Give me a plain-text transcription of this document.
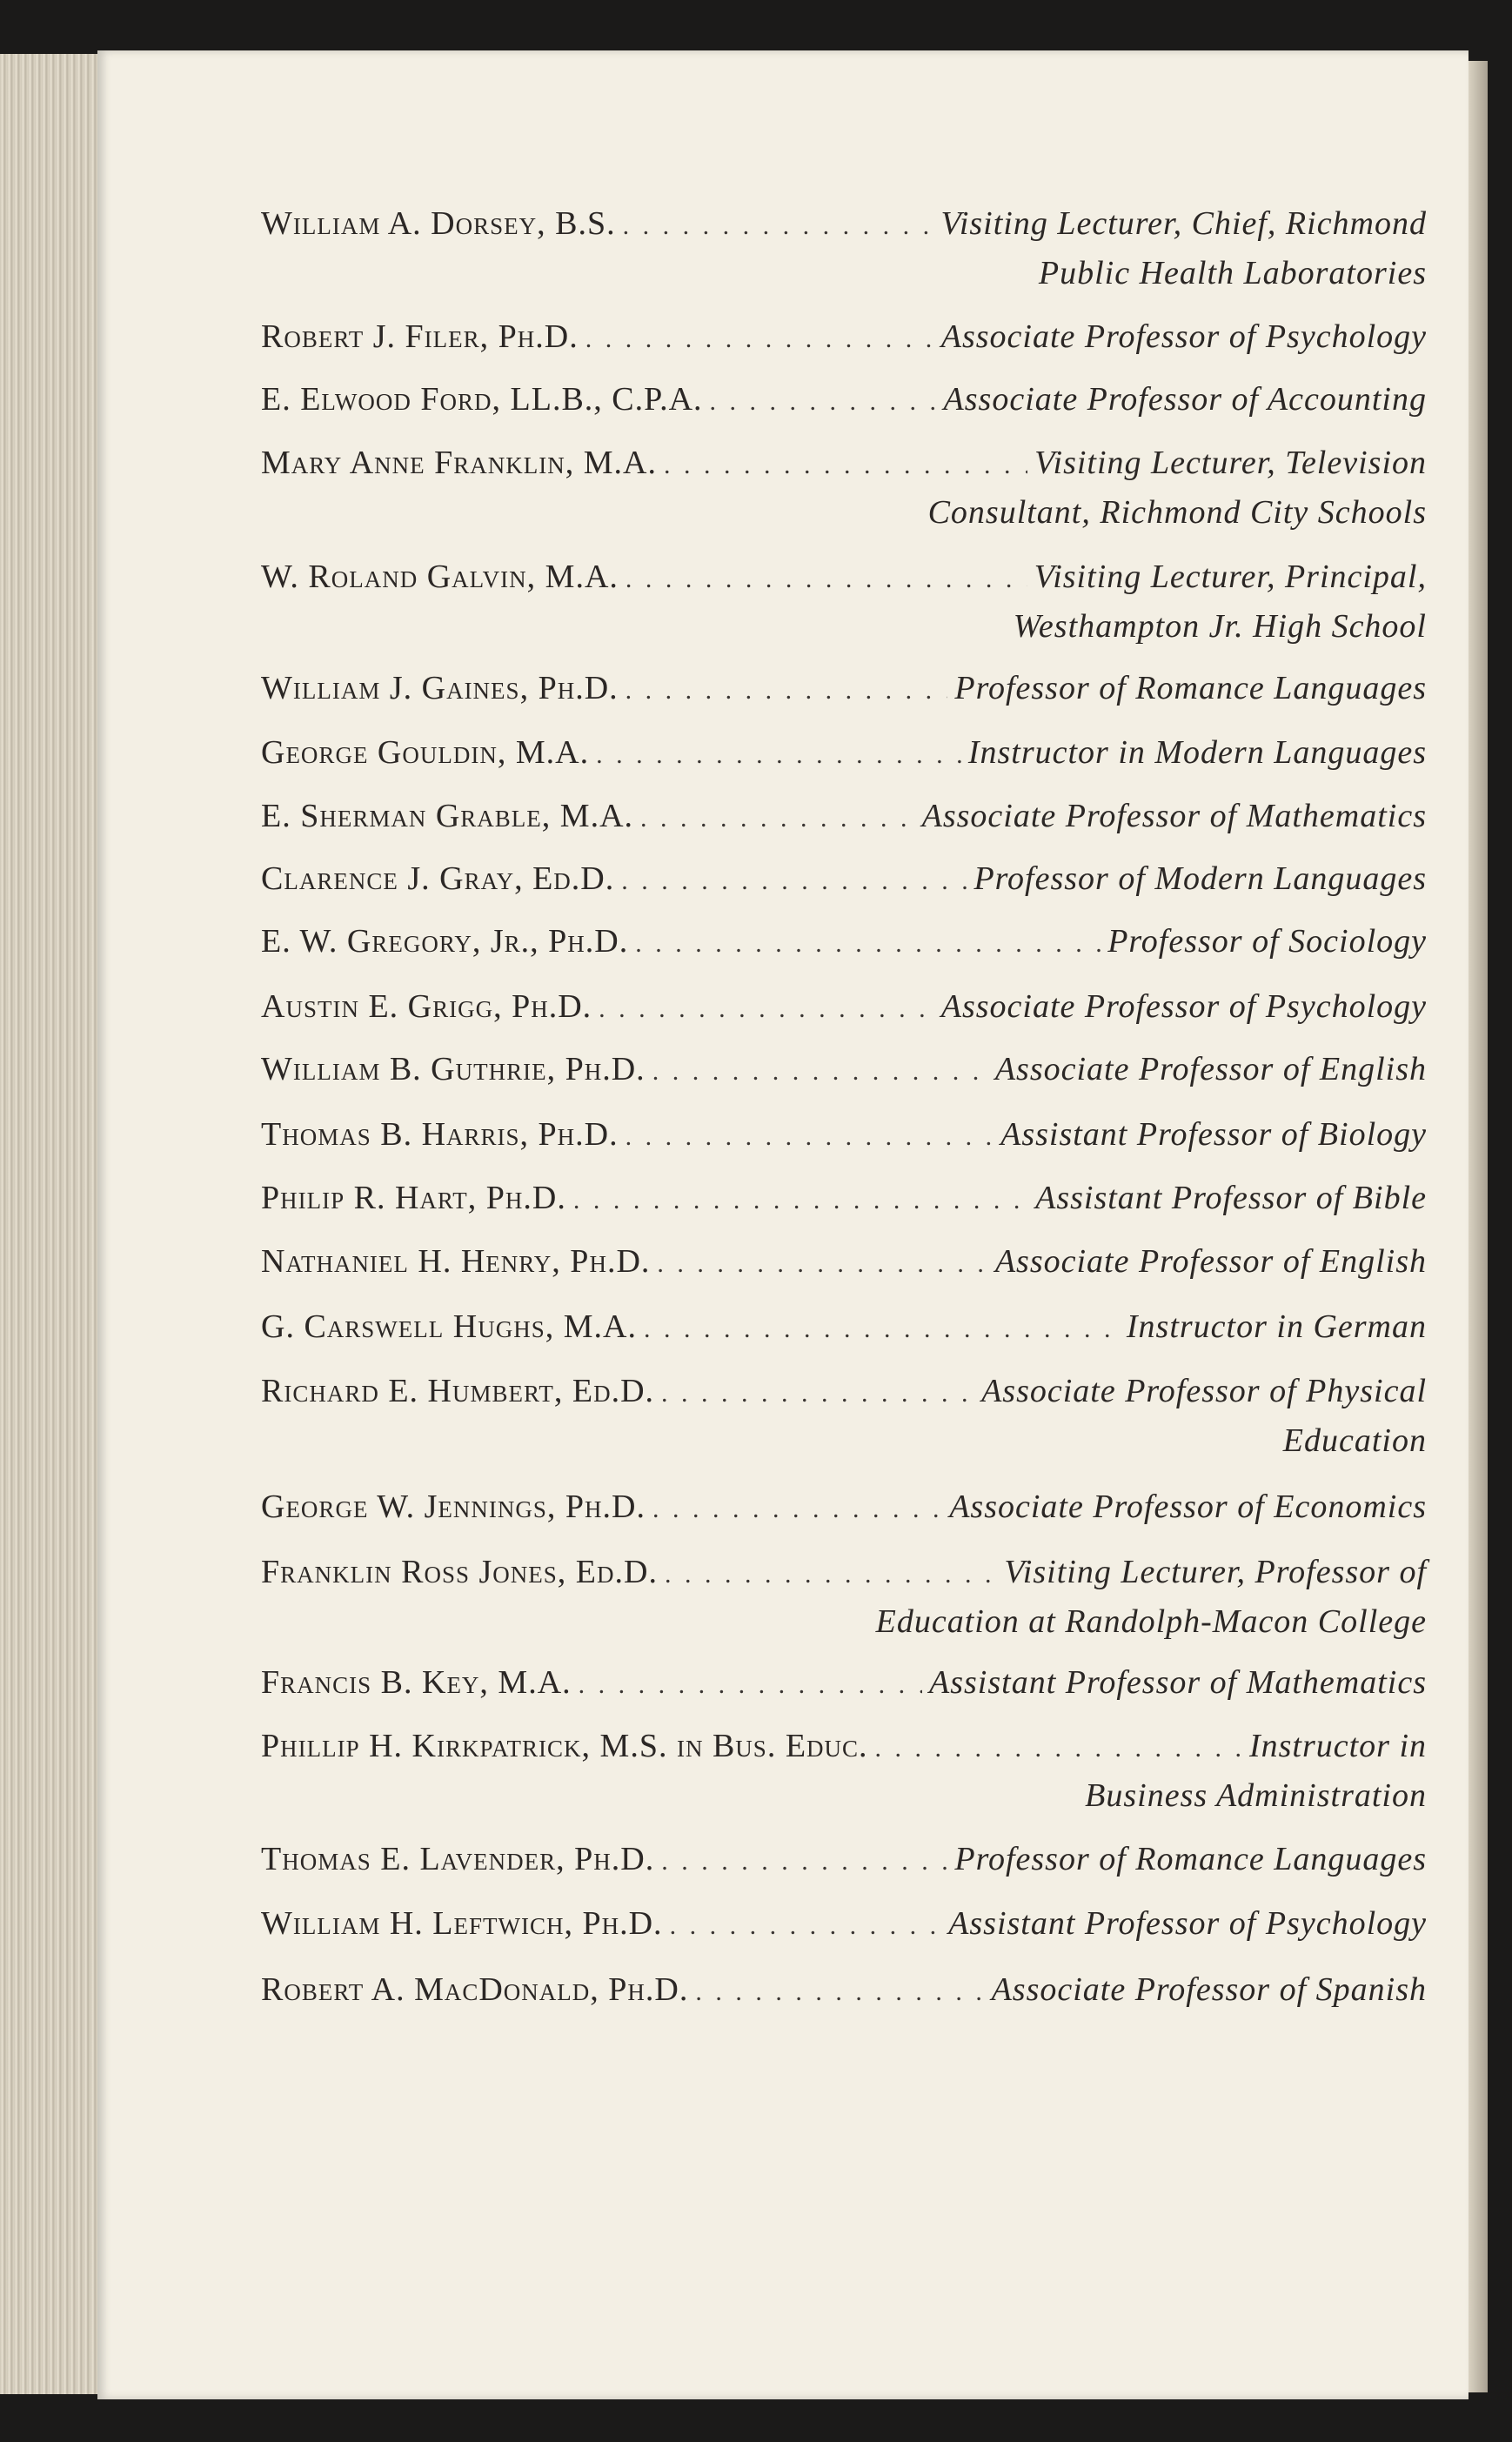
William A. Dorsey, B.S. . . .	Visiting Lecturer, Chief, Richmond
Public Health Laboratories
Robert J. Filer, Ph.D. . . .	Associate Professor of Psychology
E. Elwood Ford, LL.B., C.P.A. . . .	Associate Professor of Accounting
Mary Anne Franklin, M.A. . . .	Visiting Lecturer, Television
Consultant, Richmond City Schools
W. Roland Galvin, M.A. . . .	Visiting Lecturer, Principal,
Westhampton Jr. High School
William J. Gaines, Ph.D. . . .	Professor of Romance Languages
George Gouldin, M.A. . . .	Instructor in Modern Languages
E. Sherman Grable, M.A. . . .	Associate Professor of Mathematics
Clarence J. Gray, Ed.D. . . .	Professor of Modern Languages
E. W. Gregory, Jr., Ph.D. . . .	Professor of Sociology
Austin E. Grigg, Ph.D. . . .	Associate Professor of Psychology
William B. Guthrie, Ph.D. . . .	Associate Professor of English
Thomas B. Harris, Ph.D. . . .	Assistant Professor of Biology
Philip R. Hart, Ph.D. . . .	Assistant Professor of Bible
Nathaniel H. Henry, Ph.D. . . .	Associate Professor of English
G. Carswell Hughs, M.A. . . .	Instructor in German
Richard E. Humbert, Ed.D. . . .	Associate Professor of Physical
Education
George W. Jennings, Ph.D. . . .	Associate Professor of Economics
Franklin Ross Jones, Ed.D. . . .	Visiting Lecturer, Professor of
Education at Randolph-Macon College
Francis B. Key, M.A. . . .	Assistant Professor of Mathematics
Phillip H. Kirkpatrick, M.S. in Bus. Educ. . . .	Instructor in
Business Administration
Thomas E. Lavender, Ph.D. . . .	Professor of Romance Languages
William H. Leftwich, Ph.D. . . .	Assistant Professor of Psychology
Robert A. MacDonald, Ph.D. . . .	Associate Professor of Spanish
